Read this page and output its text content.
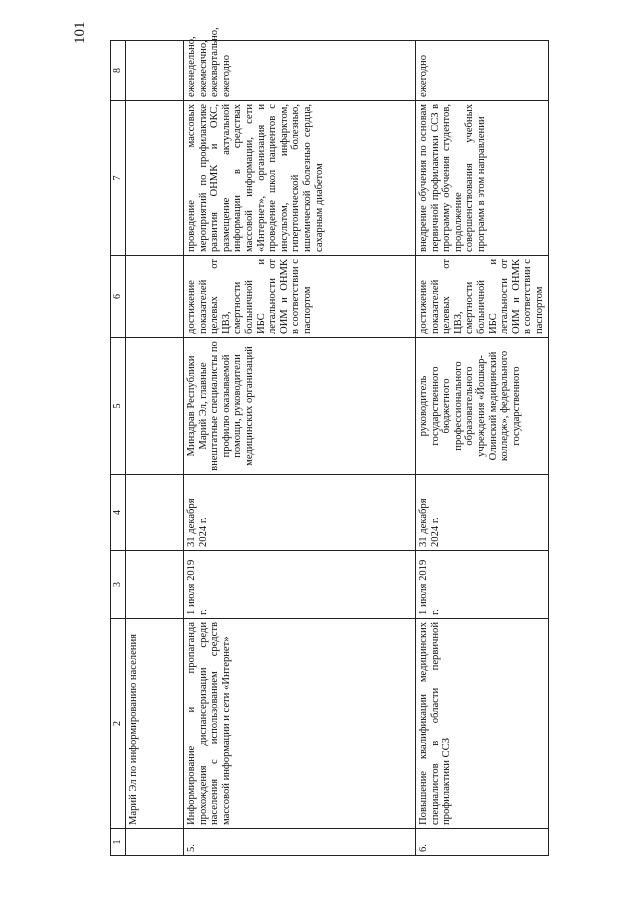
101
1	2	3	4	5	6	7	8
	Марий Эл по информированию населения						
5.	Информирование и пропаганда прохождения диспансеризации среди населения с использованием средств массовой информации и сети «Интернет»	1 июля 2019 г.	31 декабря 2024 г.	Минздрав Республики Марий Эл, главные внештатные специалисты по профилю оказываемой помощи, руководители медицинских организаций	достижение показателей целевых от ЦВЗ, смертности больничной ИБС и летальности от ОИМ и ОНМК в соответствии с паспортом	проведение массовых мероприятий по профилактике развития ОНМК и ОКС, размещение актуальной информации в средствах массовой информации, сети «Интернет», организация и проведение школ пациентов с инсультом, инфарктом, гипертонической болезнью, ишемической болезнью сердца, сахарным диабетом	еженедельно, ежемесячно, ежеквартально, ежегодно
6.	Повышение квалификации медицинских специалистов в области первичной профилактики ССЗ	1 июля 2019 г.	31 декабря 2024 г.	руководитель государственного бюджетного профессионального образовательного учреждения «Йошкар-Олинский медицинский колледж», федерального государственного	достижение показателей целевых от ЦВЗ, смертности больничной ИБС и летальности от ОИМ и ОНМК в соответствии с паспортом	внедрение обучения по основам первичной профилактики ССЗ в программу обучения студентов, продолжение совершенствования учебных программ в этом направлении	ежегодно
